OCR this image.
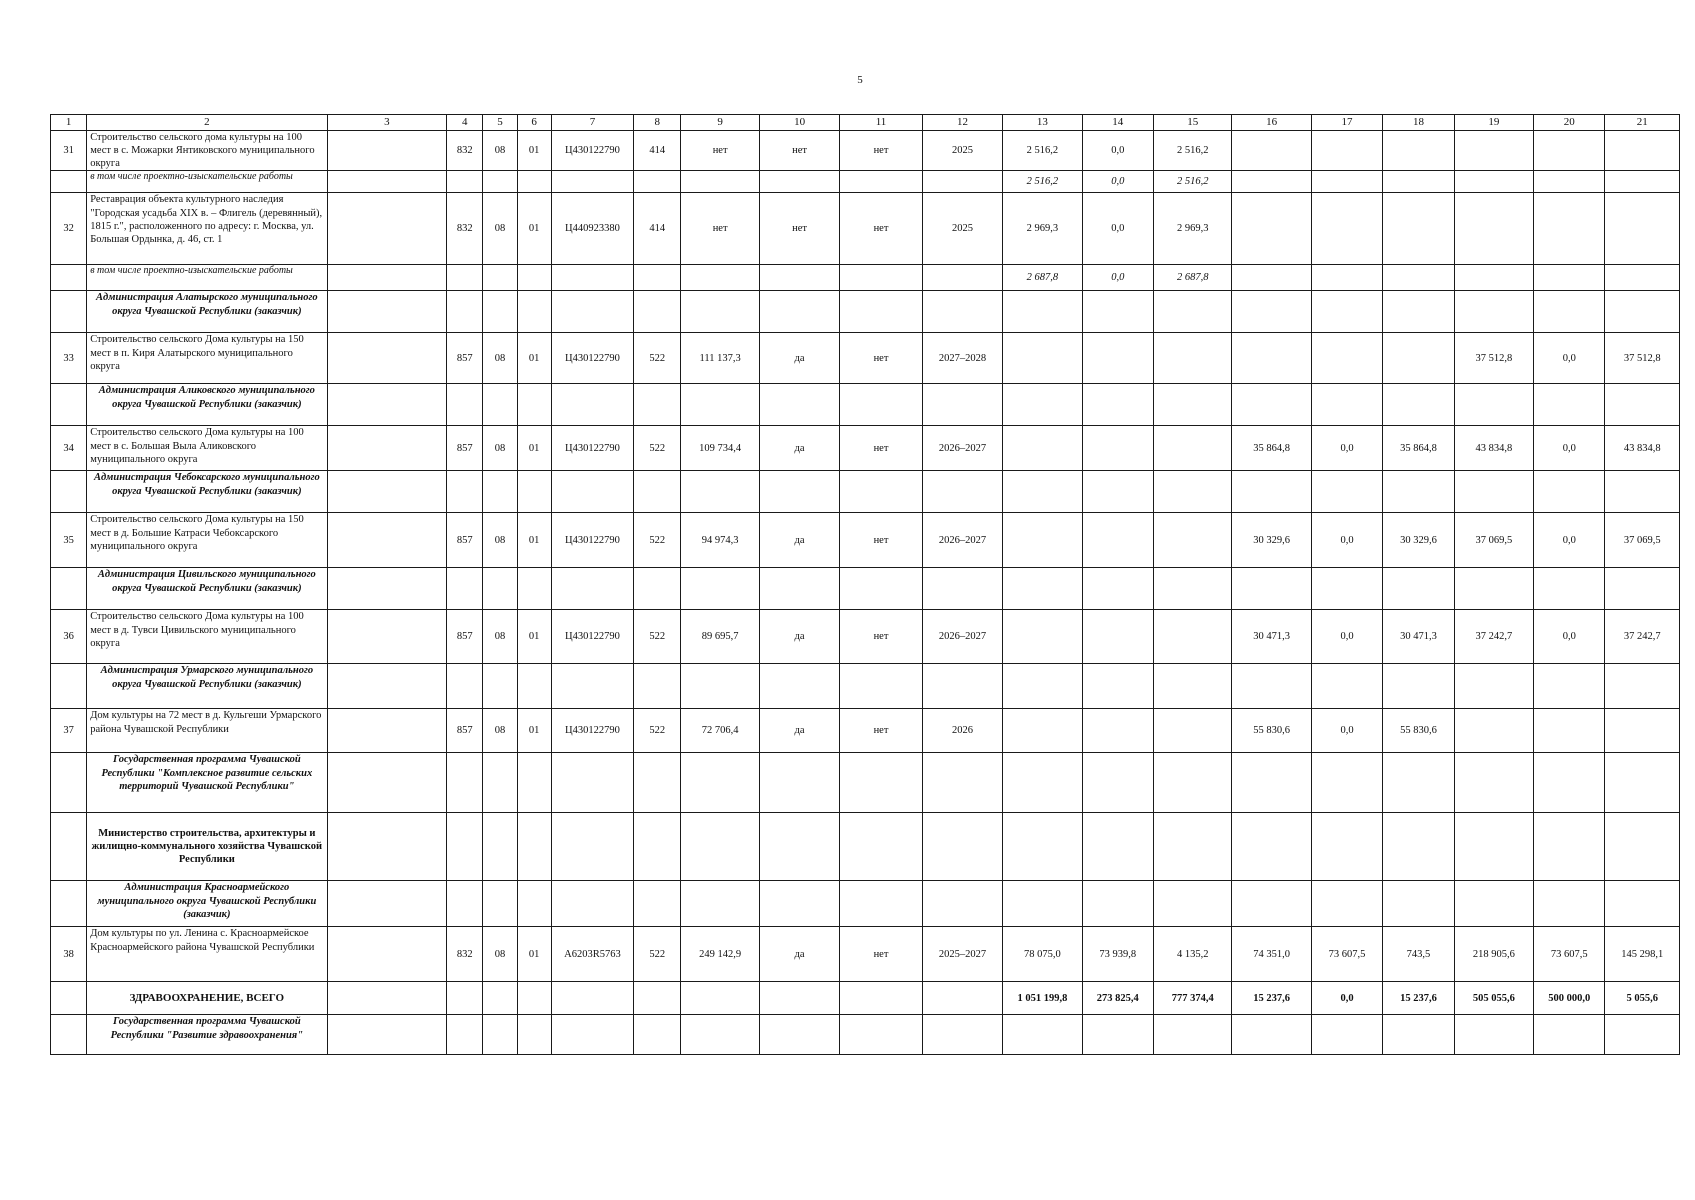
5
1	2	3	4	5	6	7	8	9	10	11	12	13	14	15	16	17	18	19	20	21
31	Строительство сельского дома культуры на 100 мест в с. Можарки Янтиковского муниципального округа		832	08	01	Ц430122790	414	нет	нет	нет	2025	2 516,2	0,0	2 516,2						
	в том числе проектно-изыскательские работы											2 516,2	0,0	2 516,2						
32	Реставрация объекта культурного наследия "Городская усадьба XIX в. – Флигель (деревянный), 1815 г.", расположенного по адресу: г. Москва, ул. Большая Ордынка, д. 46, ст. 1		832	08	01	Ц440923380	414	нет	нет	нет	2025	2 969,3	0,0	2 969,3						
	в том числе проектно-изыскательские работы											2 687,8	0,0	2 687,8						
	Администрация Алатырского муниципального округа Чувашской Республики (заказчик)																			
33	Строительство сельского Дома культуры на 150 мест в п. Киря Алатырского муниципального округа		857	08	01	Ц430122790	522	111 137,3	да	нет	2027–2028							37 512,8	0,0	37 512,8
	Администрация Аликовского муниципального округа Чувашской Республики (заказчик)																			
34	Строительство сельского Дома культуры на 100 мест в с. Большая Выла Аликовского муниципального округа		857	08	01	Ц430122790	522	109 734,4	да	нет	2026–2027				35 864,8	0,0	35 864,8	43 834,8	0,0	43 834,8
	Администрация Чебоксарского муниципального округа Чувашской Республики (заказчик)																			
35	Строительство сельского Дома культуры на 150 мест в д. Большие Катраси Чебоксарского муниципального округа		857	08	01	Ц430122790	522	94 974,3	да	нет	2026–2027				30 329,6	0,0	30 329,6	37 069,5	0,0	37 069,5
	Администрация Цивильского муниципального округа Чувашской Республики (заказчик)																			
36	Строительство сельского Дома культуры на 100 мест в д. Тувси Цивильского муниципального округа		857	08	01	Ц430122790	522	89 695,7	да	нет	2026–2027				30 471,3	0,0	30 471,3	37 242,7	0,0	37 242,7
	Администрация Урмарского муниципального округа Чувашской Республики (заказчик)																			
37	Дом культуры на 72 мест в д. Кульгеши Урмарского района Чувашской Республики		857	08	01	Ц430122790	522	72 706,4	да	нет	2026				55 830,6	0,0	55 830,6			
	Государственная программа Чувашской Республики "Комплексное развитие сельских территорий Чувашской Республики"																			
	Министерство строительства, архитектуры и жилищно-коммунального хозяйства Чувашской Республики																			
	Администрация Красноармейского муниципального округа Чувашской Республики (заказчик)																			
38	Дом культуры по ул. Ленина с. Красноармейское Красноармейского района Чувашской Республики		832	08	01	А6203R5763	522	249 142,9	да	нет	2025–2027	78 075,0	73 939,8	4 135,2	74 351,0	73 607,5	743,5	218 905,6	73 607,5	145 298,1
	ЗДРАВООХРАНЕНИЕ, ВСЕГО											1 051 199,8	273 825,4	777 374,4	15 237,6	0,0	15 237,6	505 055,6	500 000,0	5 055,6
	Государственная программа Чувашской Республики "Развитие здравоохранения"																			
